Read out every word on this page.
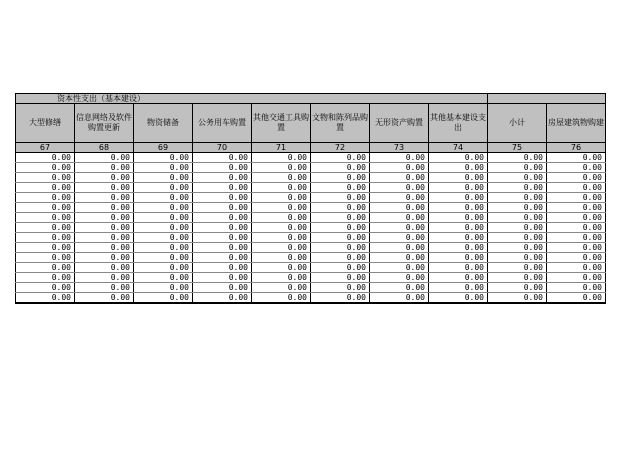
资本性支出（基本建设）									
大型修缮	信息网络及软件购置更新	物资储备	公务用车购置	其他交通工具购置	文物和陈列品购置	无形资产购置	其他基本建设支出	小计	房屋建筑物购建
67	68	69	70	71	72	73	74	75	76
0.00	0.00	0.00	0.00	0.00	0.00	0.00	0.00	0.00	0.00
0.00	0.00	0.00	0.00	0.00	0.00	0.00	0.00	0.00	0.00
0.00	0.00	0.00	0.00	0.00	0.00	0.00	0.00	0.00	0.00
0.00	0.00	0.00	0.00	0.00	0.00	0.00	0.00	0.00	0.00
0.00	0.00	0.00	0.00	0.00	0.00	0.00	0.00	0.00	0.00
0.00	0.00	0.00	0.00	0.00	0.00	0.00	0.00	0.00	0.00
0.00	0.00	0.00	0.00	0.00	0.00	0.00	0.00	0.00	0.00
0.00	0.00	0.00	0.00	0.00	0.00	0.00	0.00	0.00	0.00
0.00	0.00	0.00	0.00	0.00	0.00	0.00	0.00	0.00	0.00
0.00	0.00	0.00	0.00	0.00	0.00	0.00	0.00	0.00	0.00
0.00	0.00	0.00	0.00	0.00	0.00	0.00	0.00	0.00	0.00
0.00	0.00	0.00	0.00	0.00	0.00	0.00	0.00	0.00	0.00
0.00	0.00	0.00	0.00	0.00	0.00	0.00	0.00	0.00	0.00
0.00	0.00	0.00	0.00	0.00	0.00	0.00	0.00	0.00	0.00
0.00	0.00	0.00	0.00	0.00	0.00	0.00	0.00	0.00	0.00
